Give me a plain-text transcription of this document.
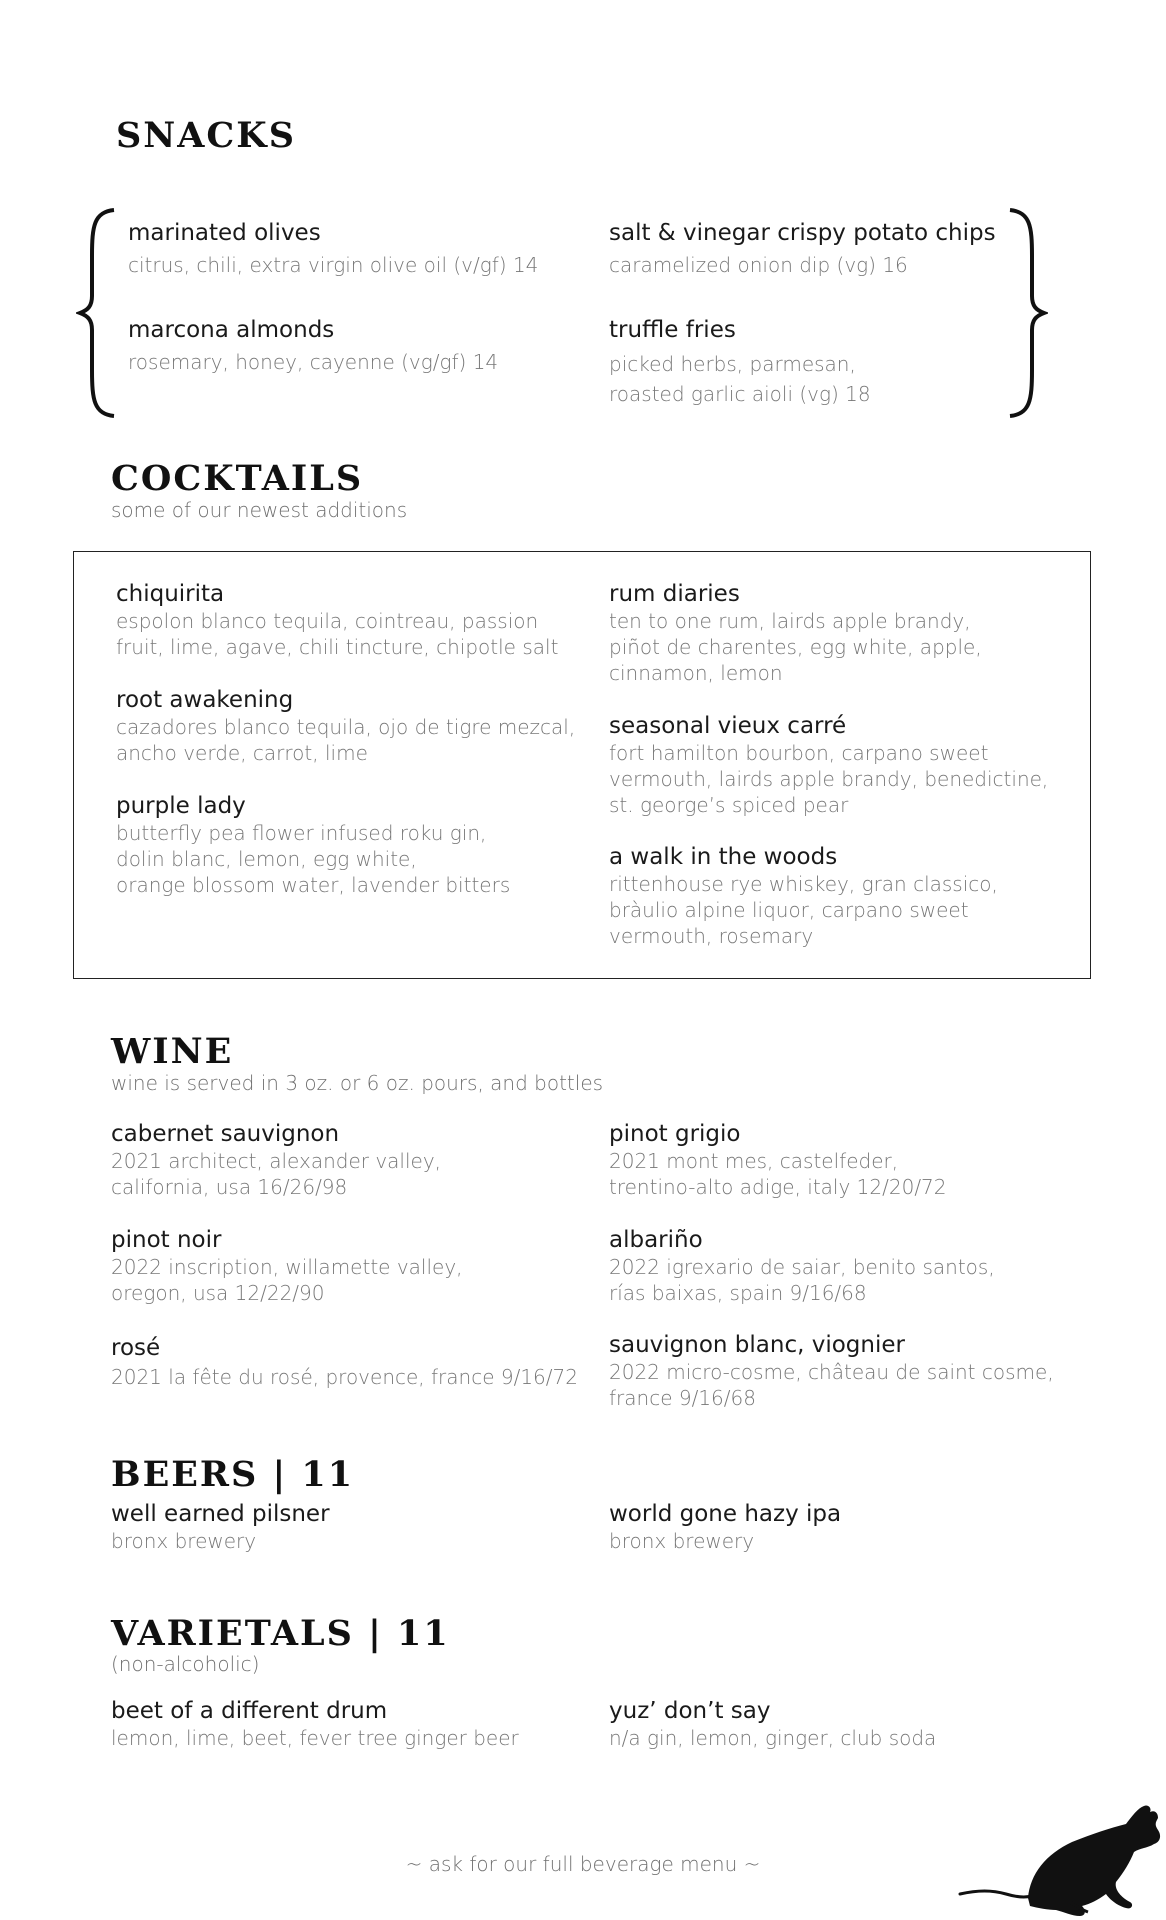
SNACKS
marinated olives
citrus, chili, extra virgin olive oil (v/gf) 14
salt & vinegar crispy potato chips
caramelized onion dip (vg) 16
marcona almonds
rosemary, honey, cayenne (vg/gf) 14
truffle fries
picked herbs, parmesan,
roasted garlic aioli (vg) 18
COCKTAILS
some of our newest additions
chiquirita
espolon blanco tequila, cointreau, passion
fruit, lime, agave, chili tincture, chipotle salt
root awakening
cazadores blanco tequila, ojo de tigre mezcal,
ancho verde, carrot, lime
purple lady
butterfly pea flower infused roku gin,
dolin blanc, lemon, egg white,
orange blossom water, lavender bitters
rum diaries
ten to one rum, lairds apple brandy,
piñot de charentes, egg white, apple,
cinnamon, lemon
seasonal vieux carré
fort hamilton bourbon, carpano sweet
vermouth, lairds apple brandy, benedictine,
st. george’s spiced pear
a walk in the woods
rittenhouse rye whiskey, gran classico,
bràulio alpine liquor, carpano sweet
vermouth, rosemary
WINE
wine is served in 3 oz. or 6 oz. pours, and bottles
cabernet sauvignon
2021 architect, alexander valley,
california, usa 16/26/98
pinot noir
2022 inscription, willamette valley,
oregon, usa 12/22/90
rosé
2021 la fête du rosé, provence, france 9/16/72
pinot grigio
2021 mont mes, castelfeder,
trentino-alto adige, italy 12/20/72
albariño
2022 igrexario de saiar, benito santos,
rías baixas, spain 9/16/68
sauvignon blanc, viognier
2022 micro-cosme, château de saint cosme,
france 9/16/68
BEERS | 11
well earned pilsner
bronx brewery
world gone hazy ipa
bronx brewery
VARIETALS | 11
(non-alcoholic)
beet of a different drum
lemon, lime, beet, fever tree ginger beer
yuz’ don’t say
n/a gin, lemon, ginger, club soda
~ ask for our full beverage menu ~
